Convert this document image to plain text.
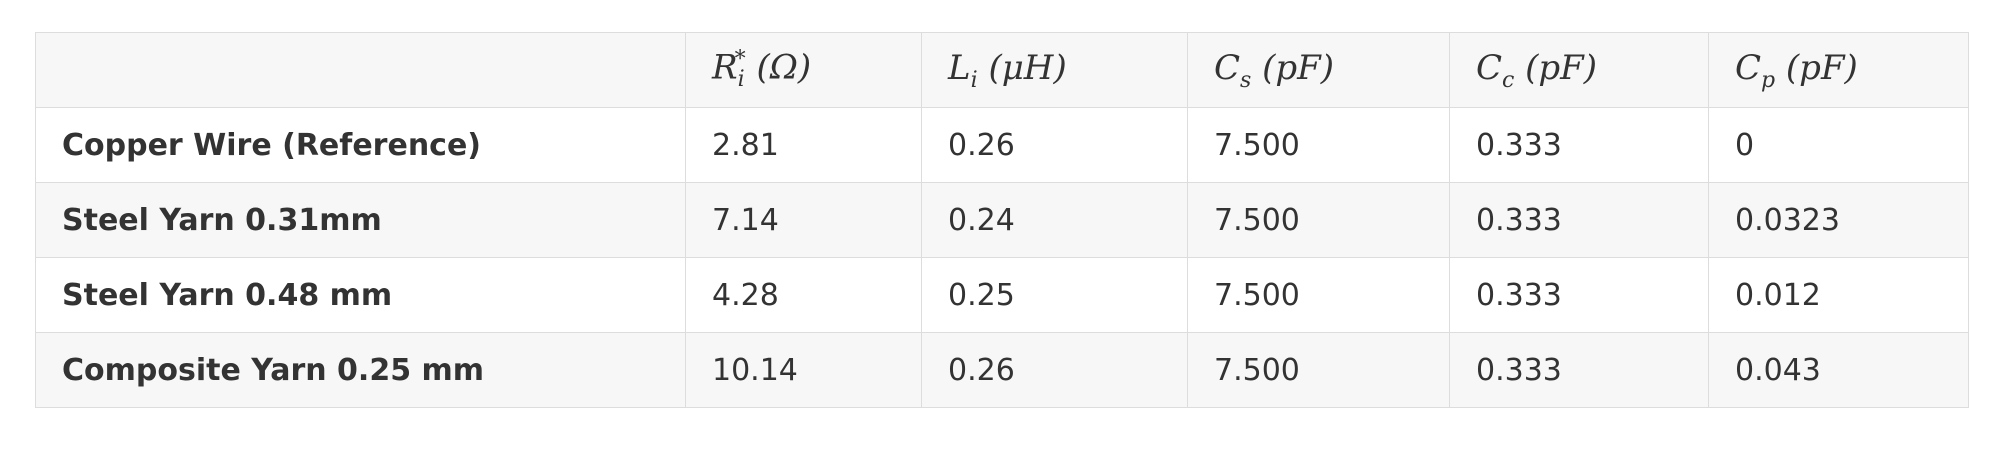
	$R_i^*$ (Ω)	$L_i$ (μH)	$C_s$ (pF)	$C_c$ (pF)	$C_p$ (pF)
Copper Wire (Reference)	2.81	0.26	7.500	0.333	0
Steel Yarn 0.31mm	7.14	0.24	7.500	0.333	0.0323
Steel Yarn 0.48 mm	4.28	0.25	7.500	0.333	0.012
Composite Yarn 0.25 mm	10.14	0.26	7.500	0.333	0.043
